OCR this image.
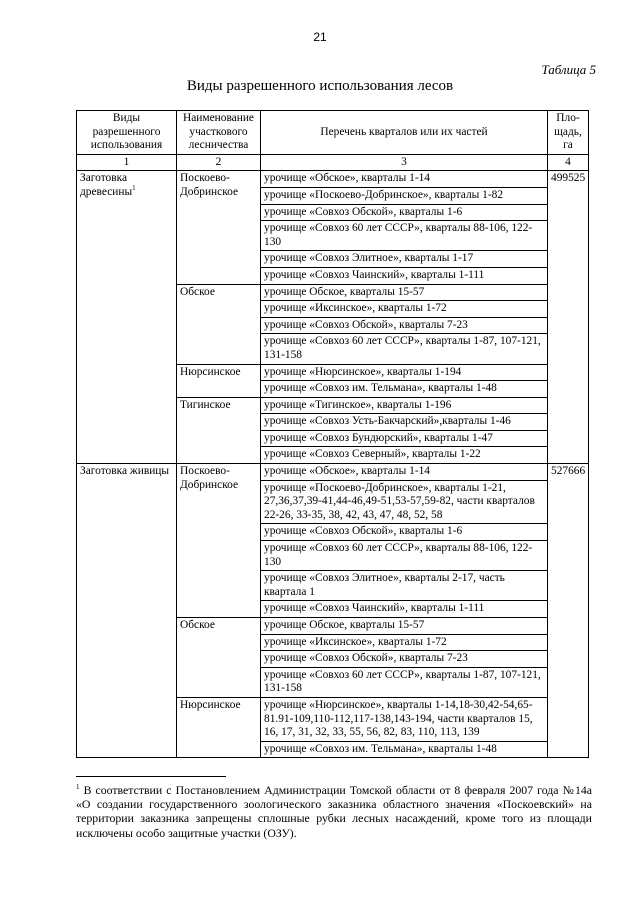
21
Таблица 5
Виды разрешенного использования лесов
Виды разрешенного использования	Наименование участкового лесничества	Перечень кварталов или их частей	Пло-щадь, га
1	2	3	4
Заготовка древесины$^1$	Поскоево-Добринское	урочище «Обское», кварталы 1-14	499525
		урочище «Поскоево-Добринское», кварталы 1-82	
		урочище «Совхоз Обской», кварталы 1-6	
		урочище «Совхоз 60 лет СССР», кварталы 88-106, 122-130	
		урочище «Совхоз Элитное», кварталы 1-17	
		урочище «Совхоз Чаинский», кварталы 1-111	
	Обское	урочище Обское, кварталы 15-57	
		урочище «Иксинское», кварталы 1-72	
		урочище «Совхоз Обской», кварталы 7-23	
		урочище «Совхоз 60 лет СССР», кварталы 1-87, 107-121, 131-158	
	Нюрсинское	урочище «Нюрсинское», кварталы 1-194	
		урочище «Совхоз им. Тельмана», кварталы 1-48	
	Тигинское	урочище «Тигинское», кварталы 1-196	
		урочище «Совхоз Усть-Бакчарский»,кварталы 1-46	
		урочище «Совхоз Бундюрский», кварталы 1-47	
		урочище «Совхоз Северный», кварталы 1-22	
Заготовка живицы	Поскоево-Добринское	урочище «Обское», кварталы 1-14	527666
		урочище «Поскоево-Добринское», кварталы 1-21, 27,36,37,39-41,44-46,49-51,53-57,59-82, части кварталов 22-26, 33-35, 38, 42, 43, 47, 48, 52, 58	
		урочище «Совхоз Обской», кварталы 1-6	
		урочище «Совхоз 60 лет СССР», кварталы 88-106, 122-130	
		урочище «Совхоз Элитное», кварталы 2-17, часть квартала 1	
		урочище «Совхоз Чаинский», кварталы 1-111	
	Обское	урочище Обское, кварталы 15-57	
		урочище «Иксинское», кварталы 1-72	
		урочище «Совхоз Обской», кварталы 7-23	
		урочище «Совхоз 60 лет СССР», кварталы 1-87, 107-121, 131-158	
	Нюрсинское	урочище «Нюрсинское», кварталы 1-14,18-30,42-54,65-81.91-109,110-112,117-138,143-194, части кварталов 15, 16, 17, 31, 32, 33, 55, 56, 82, 83, 110, 113, 139	
		урочище «Совхоз им. Тельмана», кварталы 1-48	
$^1$ В соответствии с Постановлением Администрации Томской области от 8 февраля 2007 года №14а «О создании государственного зоологического заказника областного значения «Поскоевский» на территории заказника запрещены сплошные рубки лесных насаждений, кроме того из площади исключены особо защитные участки (ОЗУ).
